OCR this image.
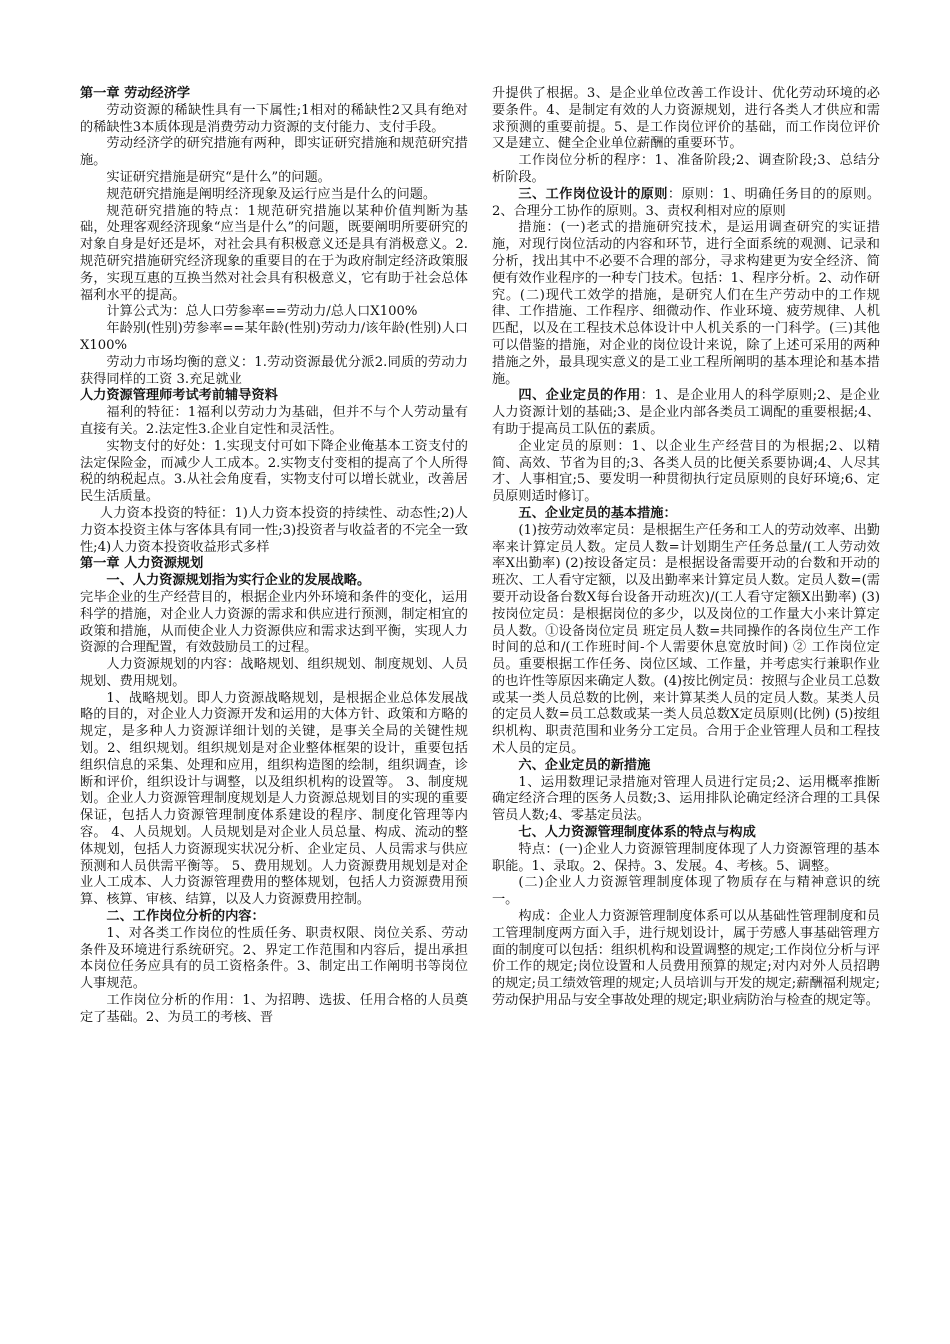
第一章 劳动经济学

劳动资源的稀缺性具有一下属性;1相对的稀缺性2又具有绝对的稀缺性3本质体现是消费劳动力资源的支付能力、支付手段。

劳动经济学的研究措施有两种，即实证研究措施和规范研究措施。

实证研究措施是研究“是什么”的问题。

规范研究措施是阐明经济现象及运行应当是什么的问题。

规范研究措施的特点：1规范研究措施以某种价值判断为基础，处理客观经济现象“应当是什么”的问题，既要阐明所要研究的对象自身是好还是坏，对社会具有积极意义还是具有消极意义。2.规范研究措施研究经济现象的重要目的在于为政府制定经济政策服务，实现互惠的互换当然对社会具有积极意义，它有助于社会总体福利水平的提高。

计算公式为：总人口劳参率==劳动力/总人口X100%

年龄别(性别)劳参率==某年龄(性别)劳动力/该年龄(性别)人口X100%

劳动力市场均衡的意义：1.劳动资源最优分派2.同质的劳动力获得同样的工资 3.充足就业

人力资源管理师考试考前辅导资料

福利的特征：1福利以劳动力为基础，但并不与个人劳动量有直接有关。2.法定性3.企业自定性和灵活性。

实物支付的好处：1.实现支付可如下降企业俺基本工资支付的法定保险金，而减少人工成本。2.实物支付变相的提高了个人所得税的纳税起点。3.从社会角度看，实物支付可以增长就业，改善居民生活质量。

人力资本投资的特征：1)人力资本投资的持续性、动态性;2)人力资本投资主体与客体具有同一性;3)投资者与收益者的不完全一致性;4)人力资本投资收益形式多样

第一章 人力资源规划

一、人力资源规划指为实行企业的发展战略。

完毕企业的生产经营目的，根据企业内外环境和条件的变化，运用科学的措施，对企业人力资源的需求和供应进行预测，制定相宜的政策和措施，从而使企业人力资源供应和需求达到平衡，实现人力资源的合理配置，有效鼓励员工的过程。

人力资源规划的内容：战略规划、组织规划、制度规划、人员规划、费用规划。

1、战略规划。即人力资源战略规划，是根据企业总体发展战略的目的，对企业人力资源开发和运用的大体方针、政策和方略的规定，是多种人力资源详细计划的关键，是事关全局的关键性规划。2、组织规划。组织规划是对企业整体框架的设计，重要包括组织信息的采集、处理和应用，组织构造图的绘制，组织调查，诊断和评价，组织设计与调整，以及组织机构的设置等。 3、制度规划。企业人力资源管理制度规划是人力资源总规划目的实现的重要保证，包括人力资源管理制度体系建设的程序、制度化管理等内容。 4、人员规划。人员规划是对企业人员总量、构成、流动的整体规划，包括人力资源现实状况分析、企业定员、人员需求与供应预测和人员供需平衡等。 5、费用规划。人力资源费用规划是对企业人工成本、人力资源管理费用的整体规划，包括人力资源费用预算、核算、审核、结算，以及人力资源费用控制。

二、工作岗位分析的内容：

1、对各类工作岗位的性质任务、职责权限、岗位关系、劳动条件及环境进行系统研究。2、界定工作范围和内容后，提出承担本岗位任务应具有的员工资格条件。3、制定出工作阐明书等岗位人事规范。

工作岗位分析的作用：1、为招聘、选拔、任用合格的人员奠定了基础。2、为员工的考核、晋

升提供了根据。3、是企业单位改善工作设计、优化劳动环境的必要条件。4、是制定有效的人力资源规划，进行各类人才供应和需求预测的重要前提。5、是工作岗位评价的基础，而工作岗位评价又是建立、健全企业单位薪酬的重要环节。

工作岗位分析的程序：1、准备阶段;2、调查阶段;3、总结分析阶段。

三、工作岗位设计的原则：原则：1、明确任务目的的原则。2、合理分工协作的原则。3、责权利相对应的原则

措施：(一)老式的措施研究技术，是运用调查研究的实证措施，对现行岗位活动的内容和环节，进行全面系统的观测、记录和分析，找出其中不必要不合理的部分，寻求构建更为安全经济、简便有效作业程序的一种专门技术。包括：1、程序分析。2、动作研究。(二)现代工效学的措施，是研究人们在生产劳动中的工作规律、工作措施、工作程序、细微动作、作业环境、疲劳规律、人机匹配，以及在工程技术总体设计中人机关系的一门科学。(三)其他可以借鉴的措施，对企业的岗位设计来说，除了上述可采用的两种措施之外，最具现实意义的是工业工程所阐明的基本理论和基本措施。

四、企业定员的作用：1、是企业用人的科学原则;2、是企业人力资源计划的基础;3、是企业内部各类员工调配的重要根据;4、有助于提高员工队伍的素质。

企业定员的原则：1、以企业生产经营目的为根据;2、以精简、高效、节省为目的;3、各类人员的比便关系要协调;4、人尽其才、人事相宜;5、要发明一种贯彻执行定员原则的良好环境;6、定员原则适时修订。

五、企业定员的基本措施：

(1)按劳动效率定员：是根据生产任务和工人的劳动效率、出勤率来计算定员人数。定员人数=计划期生产任务总量/(工人劳动效率X出勤率) (2)按设备定员：是根据设备需要开动的台数和开动的班次、工人看守定额，以及出勤率来计算定员人数。定员人数=(需要开动设备台数X每台设备开动班次)/(工人看守定额X出勤率) (3)按岗位定员：是根据岗位的多少，以及岗位的工作量大小来计算定员人数。①设备岗位定员 班定员人数=共同操作的各岗位生产工作时间的总和/(工作班时间-个人需要休息宽放时间) ② 工作岗位定员。重要根据工作任务、岗位区域、工作量，并考虑实行兼职作业的也许性等原因来确定人数。(4)按比例定员：按照与企业员工总数或某一类人员总数的比例，来计算某类人员的定员人数。某类人员的定员人数=员工总数或某一类人员总数X定员原则(比例) (5)按组织机构、职责范围和业务分工定员。合用于企业管理人员和工程技术人员的定员。

六、企业定员的新措施

1、运用数理记录措施对管理人员进行定员;2、运用概率推断确定经济合理的医务人员数;3、运用排队论确定经济合理的工具保管员人数;4、零基定员法。

七、人力资源管理制度体系的特点与构成

特点：(一)企业人力资源管理制度体现了人力资源管理的基本职能。1、录取。2、保持。3、发展。4、考核。5、调整。

(二)企业人力资源管理制度体现了物质存在与精神意识的统一。

构成：企业人力资源管理制度体系可以从基础性管理制度和员工管理制度两方面入手，进行规划设计，属于劳感人事基础管理方面的制度可以包括：组织机构和设置调整的规定;工作岗位分析与评价工作的规定;岗位设置和人员费用预算的规定;对内对外人员招聘的规定;员工绩效管理的规定;人员培训与开发的规定;薪酬福利规定;劳动保护用品与安全事故处理的规定;职业病防治与检查的规定等。
